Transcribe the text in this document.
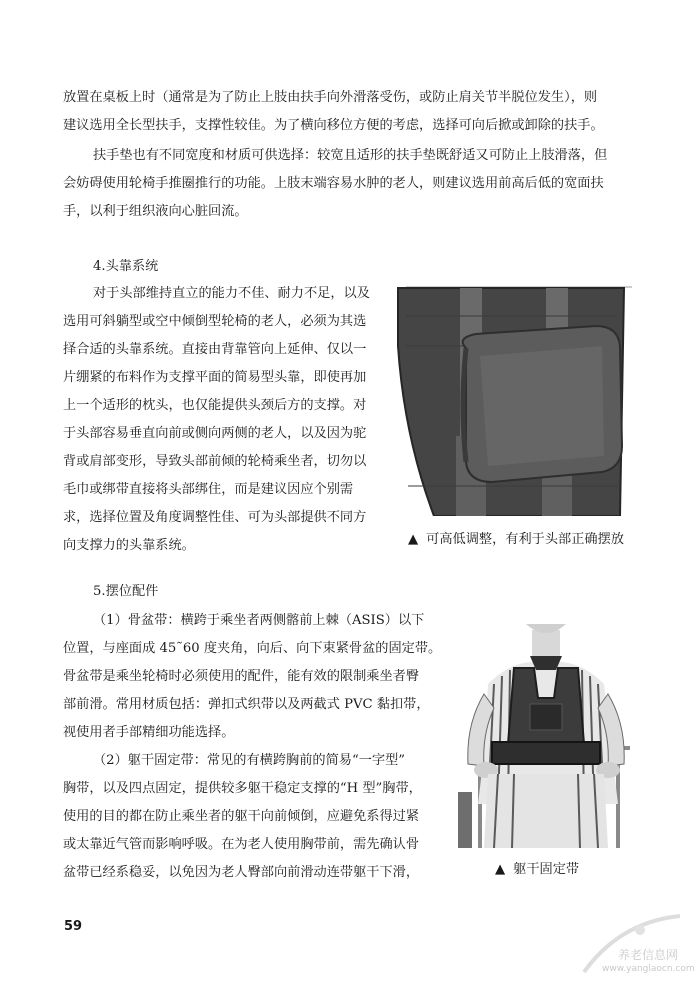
放置在桌板上时（通常是为了防止上肢由扶手向外滑落受伤，或防止肩关节半脱位发生），则
建议选用全长型扶手，支撑性较佳。为了横向移位方便的考虑，选择可向后掀或卸除的扶手。
扶手垫也有不同宽度和材质可供选择：较宽且适形的扶手垫既舒适又可防止上肢滑落，但
会妨碍使用轮椅手推圈推行的功能。上肢末端容易水肿的老人，则建议选用前高后低的宽面扶
手，以利于组织液向心脏回流。
4.头靠系统
对于头部维持直立的能力不佳、耐力不足，以及
选用可斜躺型或空中倾倒型轮椅的老人，必须为其选
择合适的头靠系统。直接由背靠管向上延伸、仅以一
片绷紧的布料作为支撑平面的简易型头靠，即使再加
上一个适形的枕头，也仅能提供头颈后方的支撑。对
于头部容易垂直向前或侧向两侧的老人，以及因为驼
背或肩部变形，导致头部前倾的轮椅乘坐者，切勿以
毛巾或绑带直接将头部绑住，而是建议因应个别需
求，选择位置及角度调整性佳、可为头部提供不同方
向支撑力的头靠系统。	▲ 可高低调整，有利于头部正确摆放
5.摆位配件
（1）骨盆带：横跨于乘坐者两侧髂前上棘（ASIS）以下
位置，与座面成 45˜60 度夹角，向后、向下束紧骨盆的固定带。
骨盆带是乘坐轮椅时必须使用的配件，能有效的限制乘坐者臀
部前滑。常用材质包括：弹扣式织带以及两截式 PVC 黏扣带，
视使用者手部精细功能选择。
（2）躯干固定带：常见的有横跨胸前的简易“一字型”
胸带，以及四点固定，提供较多躯干稳定支撑的“H 型”胸带，
使用的目的都在防止乘坐者的躯干向前倾倒，应避免系得过紧
或太靠近气管而影响呼吸。在为老人使用胸带前，需先确认骨
盆带已经系稳妥，以免因为老人臀部向前滑动连带躯干下滑，	▲ 躯干固定带
59
养老信息网
www.yanglaocn.com
